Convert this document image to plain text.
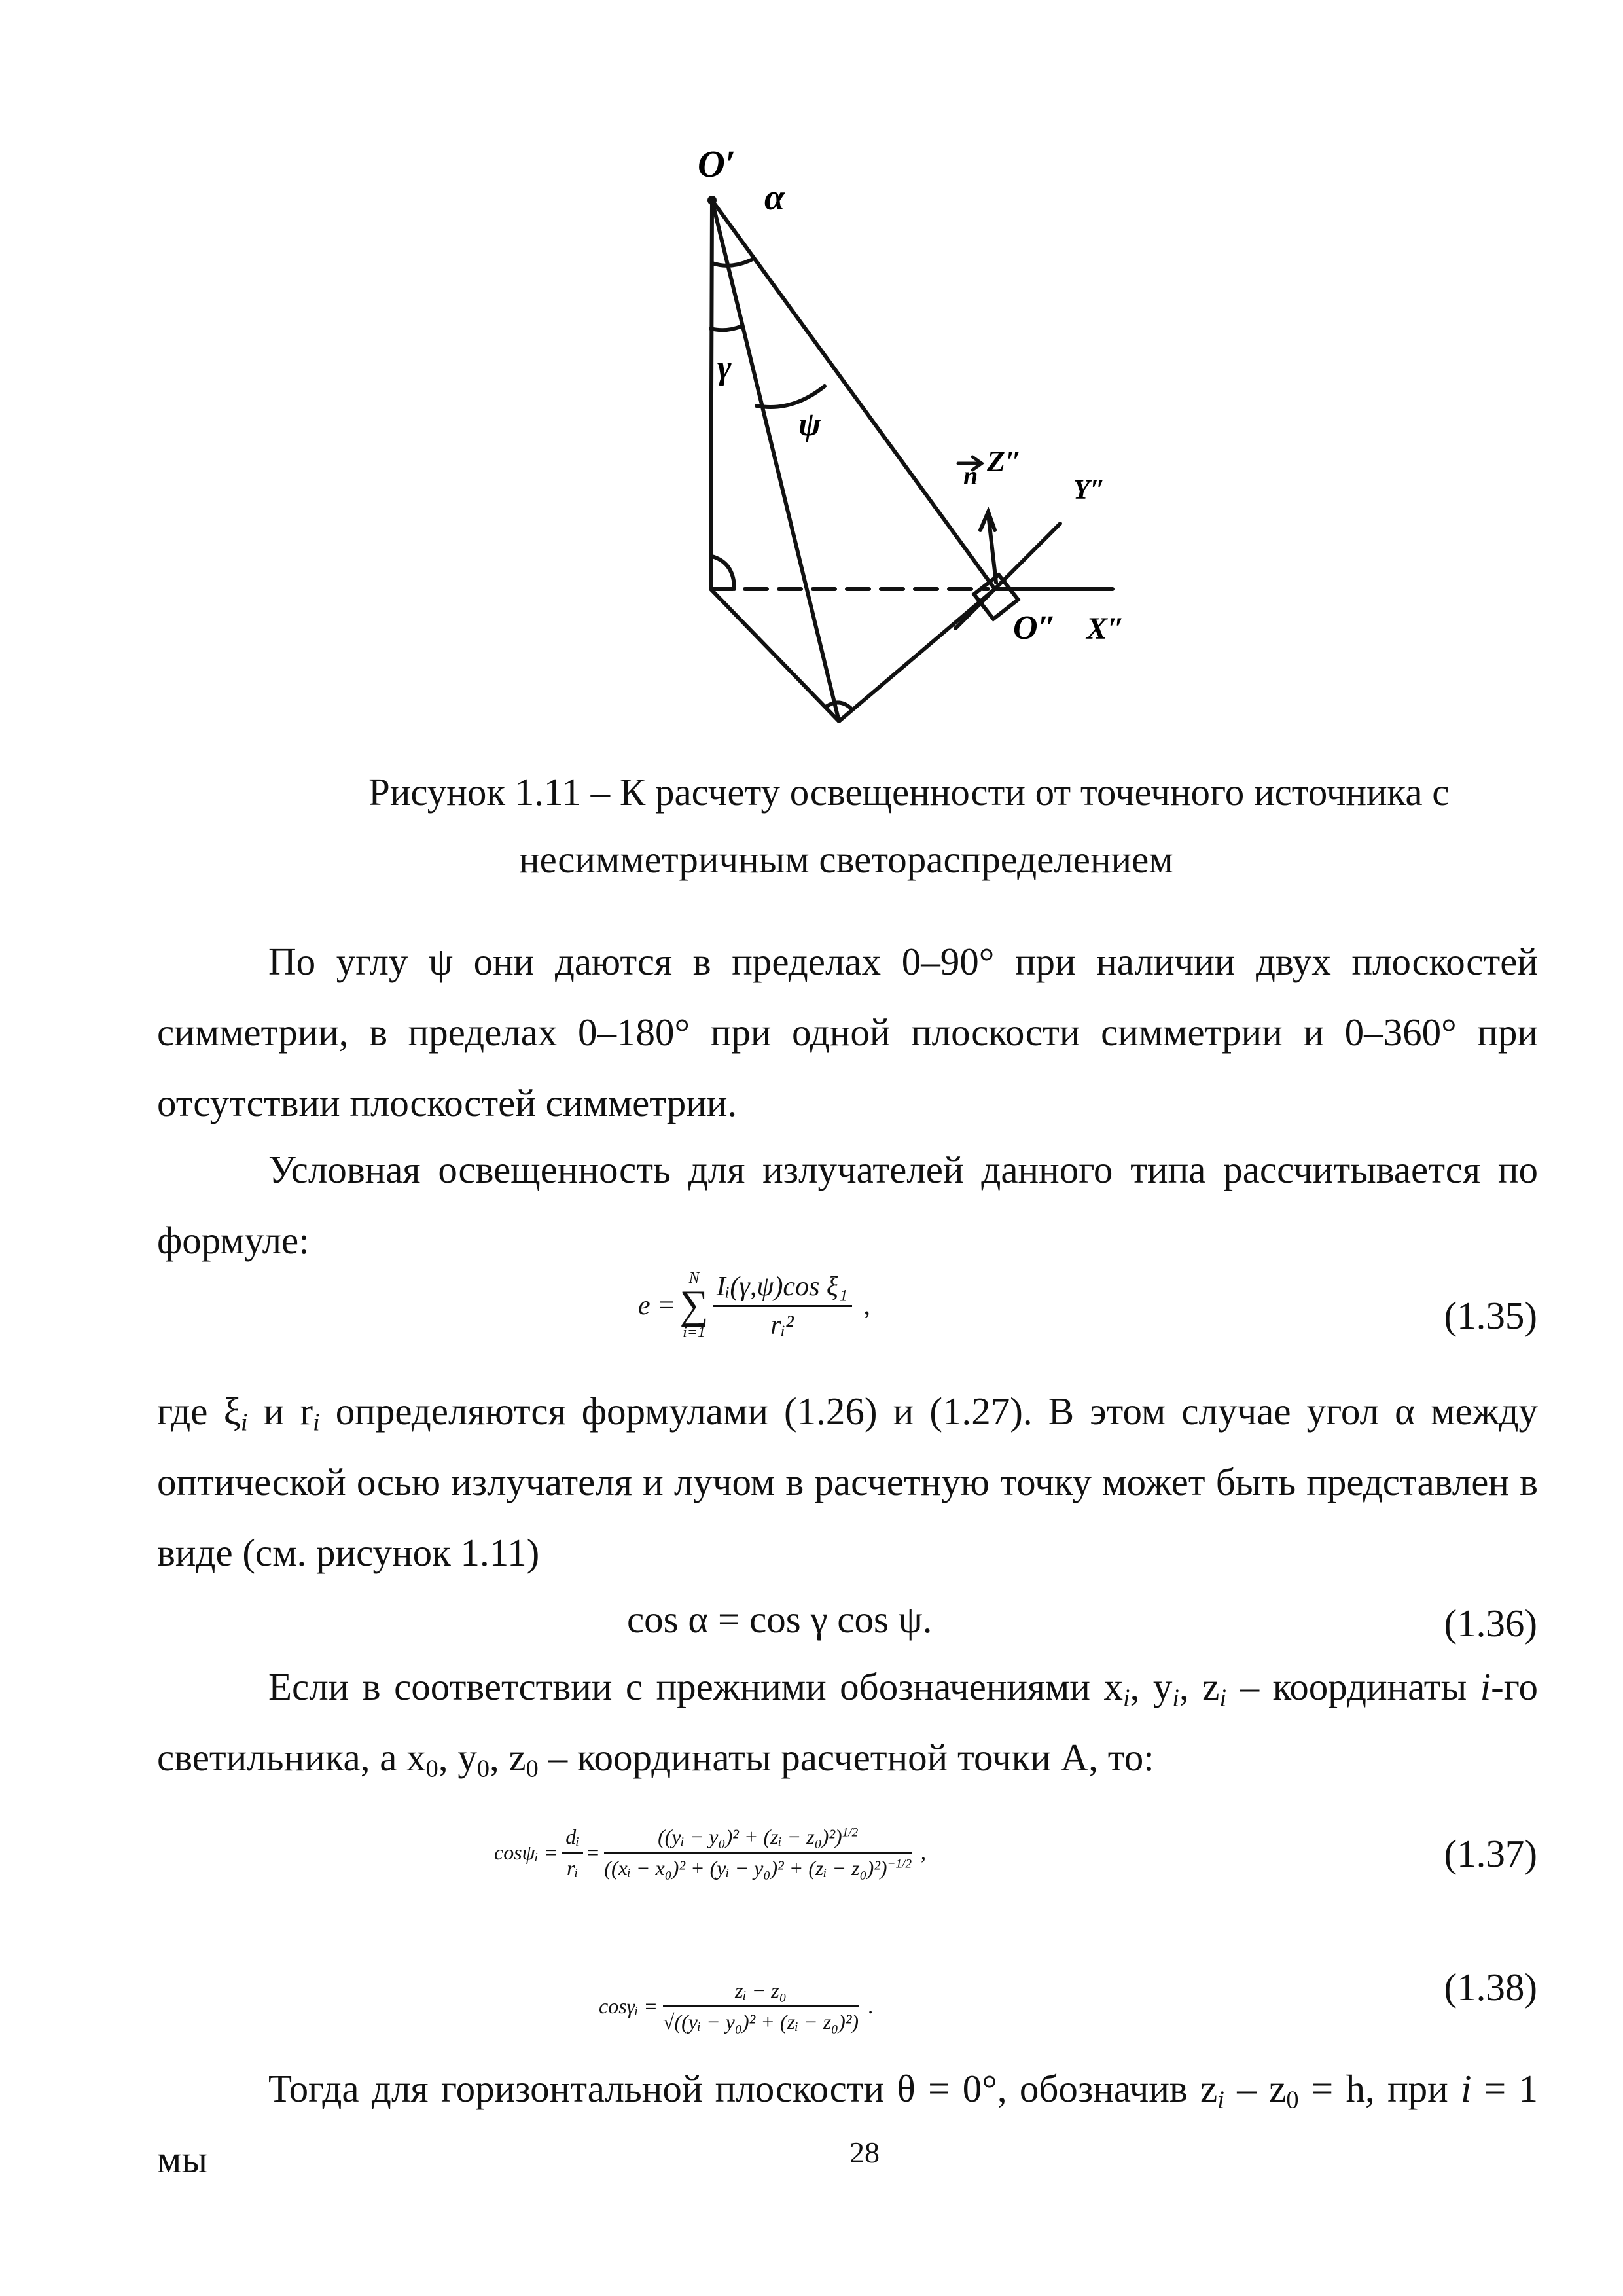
O′
α
γ
ψ
Z″
n	Y″
O″ X″
Рисунок 1.11 – К расчету освещенности от точечного источника с
несимметричным светораспределением
По углу ψ они даются в пределах 0–90° при наличии двух плоскостей симметрии, в пределах 0–180° при одной плоскости симметрии и 0–360° при отсутствии плоскостей симметрии.
Условная освещенность для излучателей данного типа рассчитывается по формуле:
e =
N
∑
$i=1 \frac{\text{Iᵢ(γ,ψ)cos ξ₁}}{\text{rᵢ²}}$ ,	(1.35)
где $\xi_i$ и $r_i$ определяются формулами (1.26) и (1.27). В этом случае угол α между оптической осью излучателя и лучом в расчетную точку может быть представлен в виде (см. рисунок 1.11)
cos α = cos γ cos ψ.	(1.36)
Если в соответствии с прежними обозначениями $x_i$, $y_i$, $z_i$ – координаты i-го светильника, а $x_0$, $y_0$, $z_0$ – координаты расчетной точки А, то:
cosψᵢ = $\frac{\text{dᵢ}}{\text{rᵢ}} = \frac{((yᵢ - y_0)^2 + (zᵢ - z_0)^2)^{1/2}}{((xᵢ - x_0)^2 + (yᵢ - y_0)^2 + (zᵢ - z_0)^2)^{-1/2}}$ ,	(1.37)
cosγᵢ = $\frac{\text{zᵢ − z₀}}{\text{√((yᵢ − y₀)² + (zᵢ − z₀)²)}}$ .	(1.38)
Тогда для горизонтальной плоскости θ = 0°, обозначив $z_i - z_0 = h$, при i = 1 мы	28
